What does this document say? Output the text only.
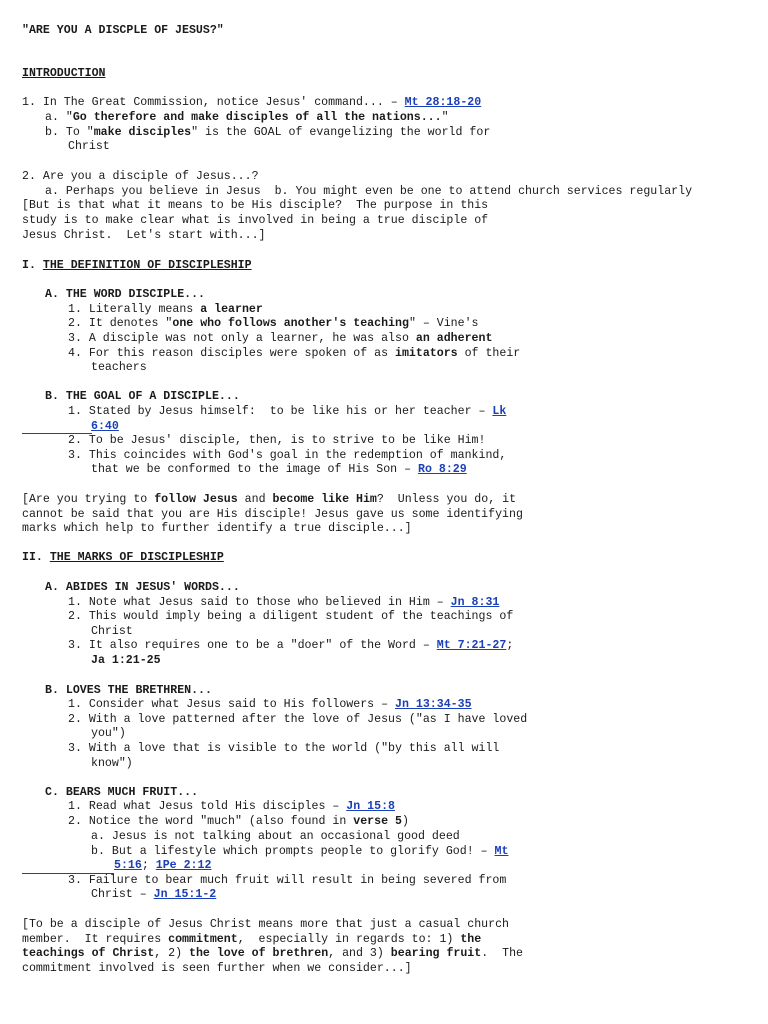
"ARE YOU A DISCPLE OF JESUS?"
INTRODUCTION
1. In The Great Commission, notice Jesus' command... – Mt 28:18-20
a. "Go therefore and make disciples of all the nations..."
b. To "make disciples" is the GOAL of evangelizing the world for
Christ
2. Are you a disciple of Jesus...?
a. Perhaps you believe in Jesus  b. You might even be one to attend church services regularly
[But is that what it means to be His disciple?  The purpose in this
study is to make clear what is involved in being a true disciple of
Jesus Christ.  Let's start with...]
I. THE DEFINITION OF DISCIPLESHIP
A. THE WORD DISCIPLE...
1. Literally means a learner
2. It denotes "one who follows another's teaching" – Vine's
3. A disciple was not only a learner, he was also an adherent
4. For this reason disciples were spoken of as imitators of their
teachers
B. THE GOAL OF A DISCIPLE...
1. Stated by Jesus himself:  to be like his or her teacher – Lk
6:40
2. To be Jesus' disciple, then, is to strive to be like Him!
3. This coincides with God's goal in the redemption of mankind,
that we be conformed to the image of His Son – Ro 8:29
[Are you trying to follow Jesus and become like Him?  Unless you do, it
cannot be said that you are His disciple! Jesus gave us some identifying
marks which help to further identify a true disciple...]
II. THE MARKS OF DISCIPLESHIP
A. ABIDES IN JESUS' WORDS...
1. Note what Jesus said to those who believed in Him – Jn 8:31
2. This would imply being a diligent student of the teachings of
Christ
3. It also requires one to be a "doer" of the Word – Mt 7:21-27;
Ja 1:21-25
B. LOVES THE BRETHREN...
1. Consider what Jesus said to His followers – Jn 13:34-35
2. With a love patterned after the love of Jesus ("as I have loved
you")
3. With a love that is visible to the world ("by this all will
know")
C. BEARS MUCH FRUIT...
1. Read what Jesus told His disciples – Jn 15:8
2. Notice the word "much" (also found in verse 5)
a. Jesus is not talking about an occasional good deed
b. But a lifestyle which prompts people to glorify God! – Mt
5:16; 1Pe 2:12
3. Failure to bear much fruit will result in being severed from
Christ – Jn 15:1-2
[To be a disciple of Jesus Christ means more that just a casual church
member.  It requires commitment,  especially in regards to: 1) the
teachings of Christ, 2) the love of brethren, and 3) bearing fruit.  The
commitment involved is seen further when we consider...]
